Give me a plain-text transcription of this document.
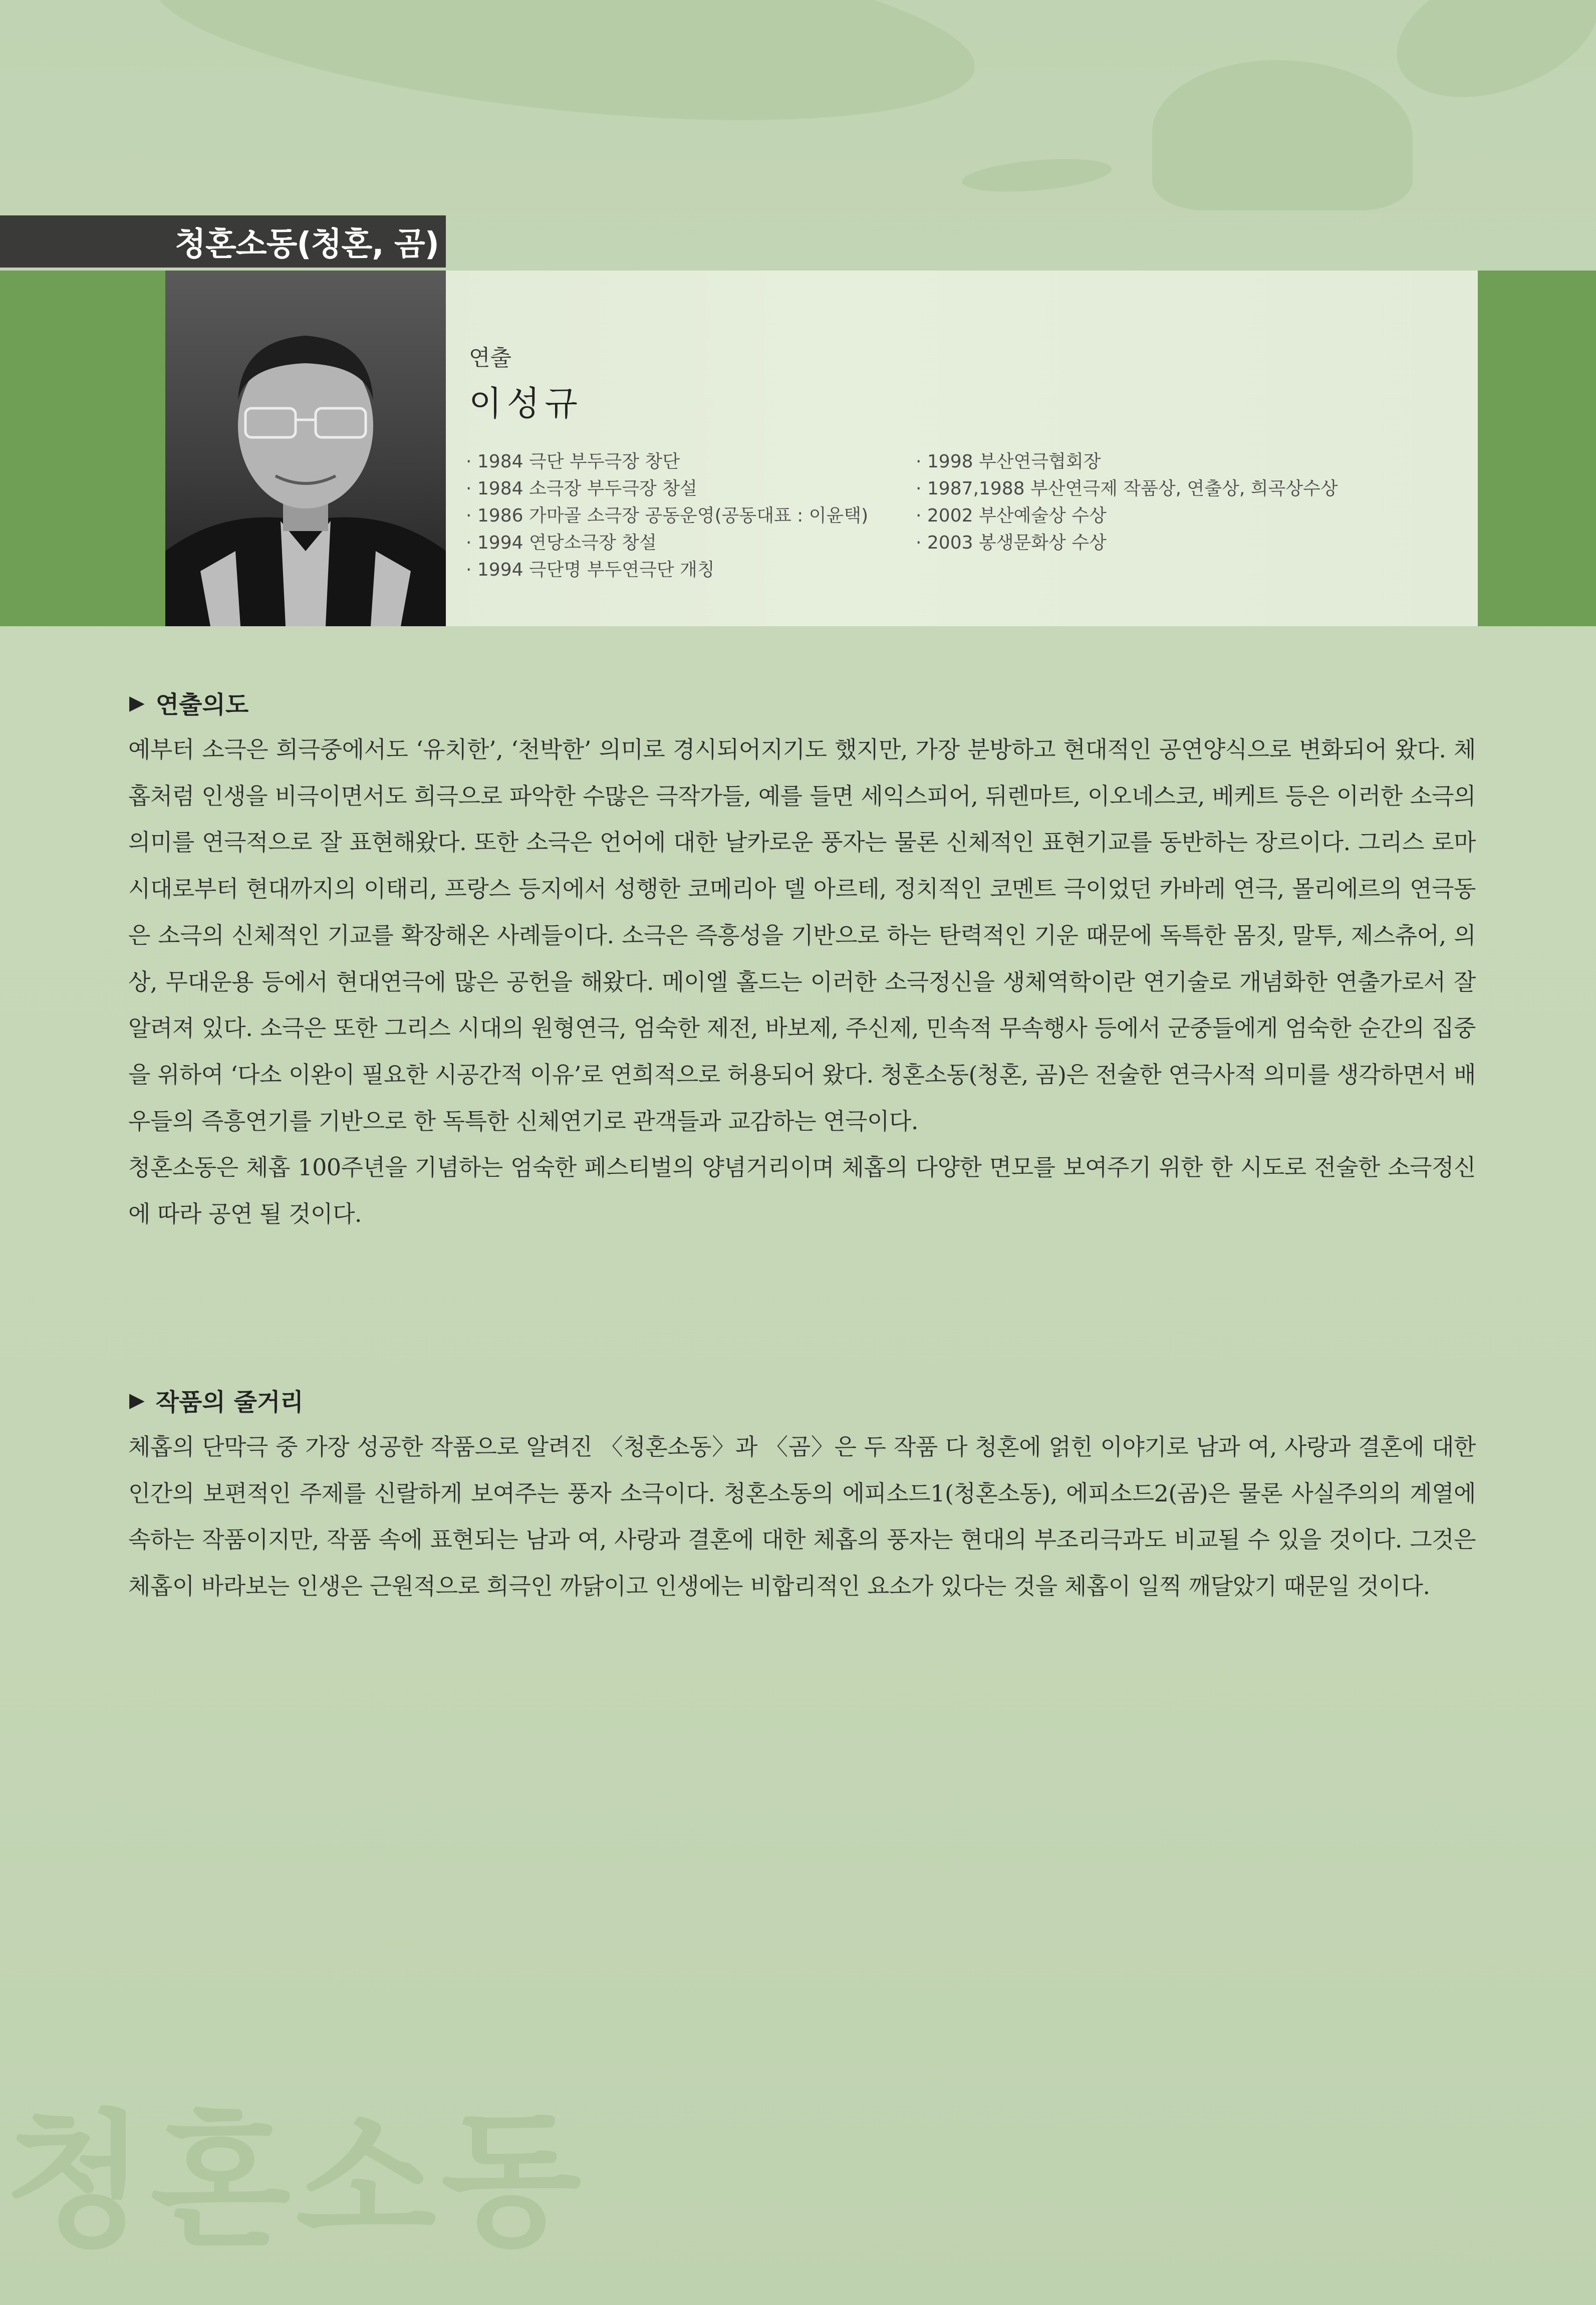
청혼소동(청혼, 곰)
연출
이성규
· 1984 극단 부두극장 창단
· 1984 소극장 부두극장 창설
· 1986 가마골 소극장 공동운영(공동대표 : 이윤택)
· 1994 연당소극장 창설
· 1994 극단명 부두연극단 개칭
· 1998 부산연극협회장
· 1987,1988 부산연극제 작품상, 연출상, 희곡상수상
· 2002 부산예술상 수상
· 2003 봉생문화상 수상
▶ 연출의도

예부터 소극은 희극중에서도 ‘유치한’, ‘천박한’ 의미로 경시되어지기도 했지만, 가장 분방하고 현대적인 공연양식으로 변화되어 왔다. 체홉처럼 인생을 비극이면서도 희극으로 파악한 수많은 극작가들, 예를 들면 세익스피어, 뒤렌마트, 이오네스코, 베케트 등은 이러한 소극의 의미를 연극적으로 잘 표현해왔다. 또한 소극은 언어에 대한 날카로운 풍자는 물론 신체적인 표현기교를 동반하는 장르이다. 그리스 로마 시대로부터 현대까지의 이태리, 프랑스 등지에서 성행한 코메리아 델 아르테, 정치적인 코멘트 극이었던 카바레 연극, 몰리에르의 연극동은 소극의 신체적인 기교를 확장해온 사례들이다. 소극은 즉흥성을 기반으로 하는 탄력적인 기운 때문에 독특한 몸짓, 말투, 제스츄어, 의상, 무대운용 등에서 현대연극에 많은 공헌을 해왔다. 메이엘 홀드는 이러한 소극정신을 생체역학이란 연기술로 개념화한 연출가로서 잘 알려져 있다. 소극은 또한 그리스 시대의 원형연극, 엄숙한 제전, 바보제, 주신제, 민속적 무속행사 등에서 군중들에게 엄숙한 순간의 집중을 위하여 ‘다소 이완이 필요한 시공간적 이유’로 연희적으로 허용되어 왔다. 청혼소동(청혼, 곰)은 전술한 연극사적 의미를 생각하면서 배우들의 즉흥연기를 기반으로 한 독특한 신체연기로 관객들과 교감하는 연극이다.

청혼소동은 체홉 100주년을 기념하는 엄숙한 페스티벌의 양념거리이며 체홉의 다양한 면모를 보여주기 위한 한 시도로 전술한 소극정신에 따라 공연 될 것이다.

▶ 작품의 줄거리

체홉의 단막극 중 가장 성공한 작품으로 알려진 〈청혼소동〉과 〈곰〉은 두 작품 다 청혼에 얽힌 이야기로 남과 여, 사랑과 결혼에 대한 인간의 보편적인 주제를 신랄하게 보여주는 풍자 소극이다. 청혼소동의 에피소드1(청혼소동), 에피소드2(곰)은 물론 사실주의의 계열에 속하는 작품이지만, 작품 속에 표현되는 남과 여, 사랑과 결혼에 대한 체홉의 풍자는 현대의 부조리극과도 비교될 수 있을 것이다. 그것은 체홉이 바라보는 인생은 근원적으로 희극인 까닭이고 인생에는 비합리적인 요소가 있다는 것을 체홉이 일찍 깨달았기 때문일 것이다.

청혼소동
